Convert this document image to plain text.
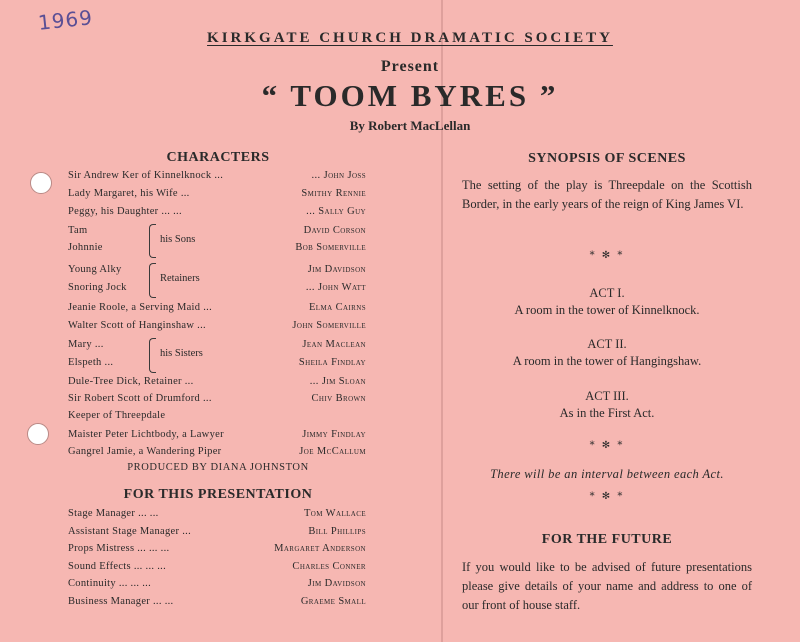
1969
KIRKGATE CHURCH DRAMATIC SOCIETY
Present
“ TOOM BYRES ”
By Robert MacLellan
CHARACTERS
Sir Andrew Ker of Kinnelknock ...	... John Joss
Lady Margaret, his Wife ...	Smithy Rennie
Peggy, his Daughter ... ...	... Sally Guy
Tam	David Corson
Johnnie	Bob Somerville
his Sons
Young Alky	Jim Davidson
Snoring Jock	... John Watt
Retainers
Jeanie Roole, a Serving Maid ...	Elma Cairns
Walter Scott of Hanginshaw ...	John Somerville
Mary ...	Jean Maclean
Elspeth ...	Sheila Findlay
his Sisters
Dule-Tree Dick, Retainer ...	... Jim Sloan
Sir Robert Scott of Drumford ...	Chiv Brown
Keeper of Threepdale
Maister Peter Lichtbody, a Lawyer	Jimmy Findlay
Gangrel Jamie, a Wandering Piper	Joe McCallum
PRODUCED BY DIANA JOHNSTON
FOR THIS PRESENTATION
Stage Manager ... ...	Tom Wallace
Assistant Stage Manager ...	Bill Phillips
Props Mistress ... ... ...	Margaret Anderson
Sound Effects ... ... ...	Charles Conner
Continuity ... ... ...	Jim Davidson
Business Manager ... ...	Graeme Small
SYNOPSIS OF SCENES
The setting of the play is Threepdale on the Scottish Border, in the early years of the reign of King James VI.
* ✻ *
ACT I.
A room in the tower of Kinnelknock.
ACT II.
A room in the tower of Hangingshaw.
ACT III.
As in the First Act.
* ✻ *
There will be an interval between each Act.
* ✻ *
FOR THE FUTURE
If you would like to be advised of future presentations please give details of your name and address to one of our front of house staff.
